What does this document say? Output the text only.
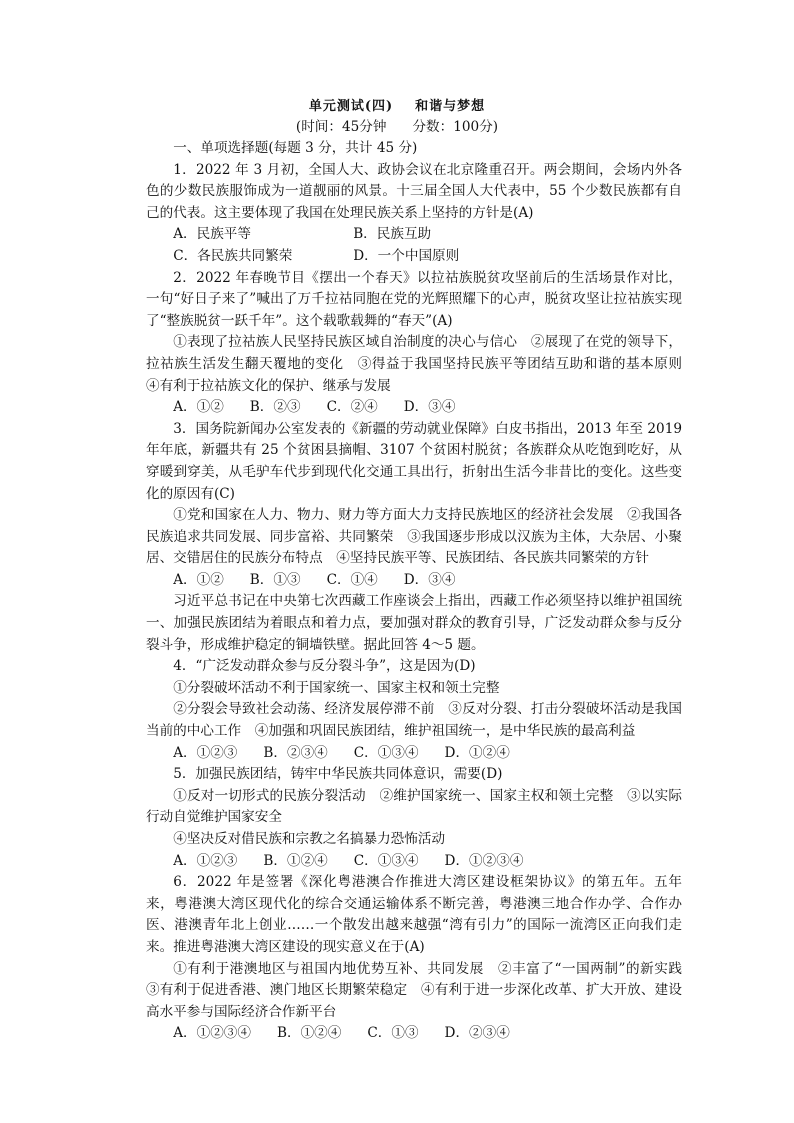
单元测试(四) 和谐与梦想
(时间：45分钟 分数：100分)

一、单项选择题(每题 3 分，共计 45 分)

1．2022 年 3 月初，全国人大、政协会议在北京隆重召开。两会期间，会场内外各色的少数民族服饰成为一道靓丽的风景。十三届全国人大代表中，55 个少数民族都有自己的代表。这主要体现了我国在处理民族关系上坚持的方针是(A)

A．民族平等	B．民族互助
C．各民族共同繁荣	D．一个中国原则

2．2022 年春晚节目《摆出一个春天》以拉祜族脱贫攻坚前后的生活场景作对比，一句“好日子来了”喊出了万千拉祜同胞在党的光辉照耀下的心声，脱贫攻坚让拉祜族实现了“整族脱贫一跃千年”。这个载歌载舞的“春天”(A)

①表现了拉祜族人民坚持民族区域自治制度的决心与信心　②展现了在党的领导下，拉祜族生活发生翻天覆地的变化　③得益于我国坚持民族平等团结互助和谐的基本原则　④有利于拉祜族文化的保护、继承与发展

A．①② B．②③ C．②④ D．③④

3．国务院新闻办公室发表的《新疆的劳动就业保障》白皮书指出，2013 年至 2019 年年底，新疆共有 25 个贫困县摘帽、3107 个贫困村脱贫；各族群众从吃饱到吃好，从穿暖到穿美，从毛驴车代步到现代化交通工具出行，折射出生活今非昔比的变化。这些变化的原因有(C)

①党和国家在人力、物力、财力等方面大力支持民族地区的经济社会发展　②我国各民族追求共同发展、同步富裕、共同繁荣　③我国逐步形成以汉族为主体，大杂居、小聚居、交错居住的民族分布特点　④坚持民族平等、民族团结、各民族共同繁荣的方针

A．①② B．①③ C．①④ D．③④

习近平总书记在中央第七次西藏工作座谈会上指出，西藏工作必须坚持以维护祖国统一、加强民族团结为着眼点和着力点，要加强对群众的教育引导，广泛发动群众参与反分裂斗争，形成维护稳定的铜墙铁壁。据此回答 4～5 题。

4．“广泛发动群众参与反分裂斗争”，这是因为(D)

①分裂破坏活动不利于国家统一、国家主权和领土完整

②分裂会导致社会动荡、经济发展停滞不前　③反对分裂、打击分裂破坏活动是我国当前的中心工作　④加强和巩固民族团结，维护祖国统一，是中华民族的最高利益

A．①②③ B．②③④ C．①③④ D．①②④

5．加强民族团结，铸牢中华民族共同体意识，需要(D)

①反对一切形式的民族分裂活动　②维护国家统一、国家主权和领土完整　③以实际行动自觉维护国家安全

④坚决反对借民族和宗教之名搞暴力恐怖活动

A．①②③ B．①②④ C．①③④ D．①②③④

6．2022 年是签署《深化粤港澳合作推进大湾区建设框架协议》的第五年。五年来，粤港澳大湾区现代化的综合交通运输体系不断完善，粤港澳三地合作办学、合作办医、港澳青年北上创业……一个散发出越来越强“湾有引力”的国际一流湾区正向我们走来。推进粤港澳大湾区建设的现实意义在于(A)

①有利于港澳地区与祖国内地优势互补、共同发展　②丰富了“一国两制”的新实践　③有利于促进香港、澳门地区长期繁荣稳定　④有利于进一步深化改革、扩大开放、建设高水平参与国际经济合作新平台

A．①②③④ B．①②④ C．①③ D．②③④
